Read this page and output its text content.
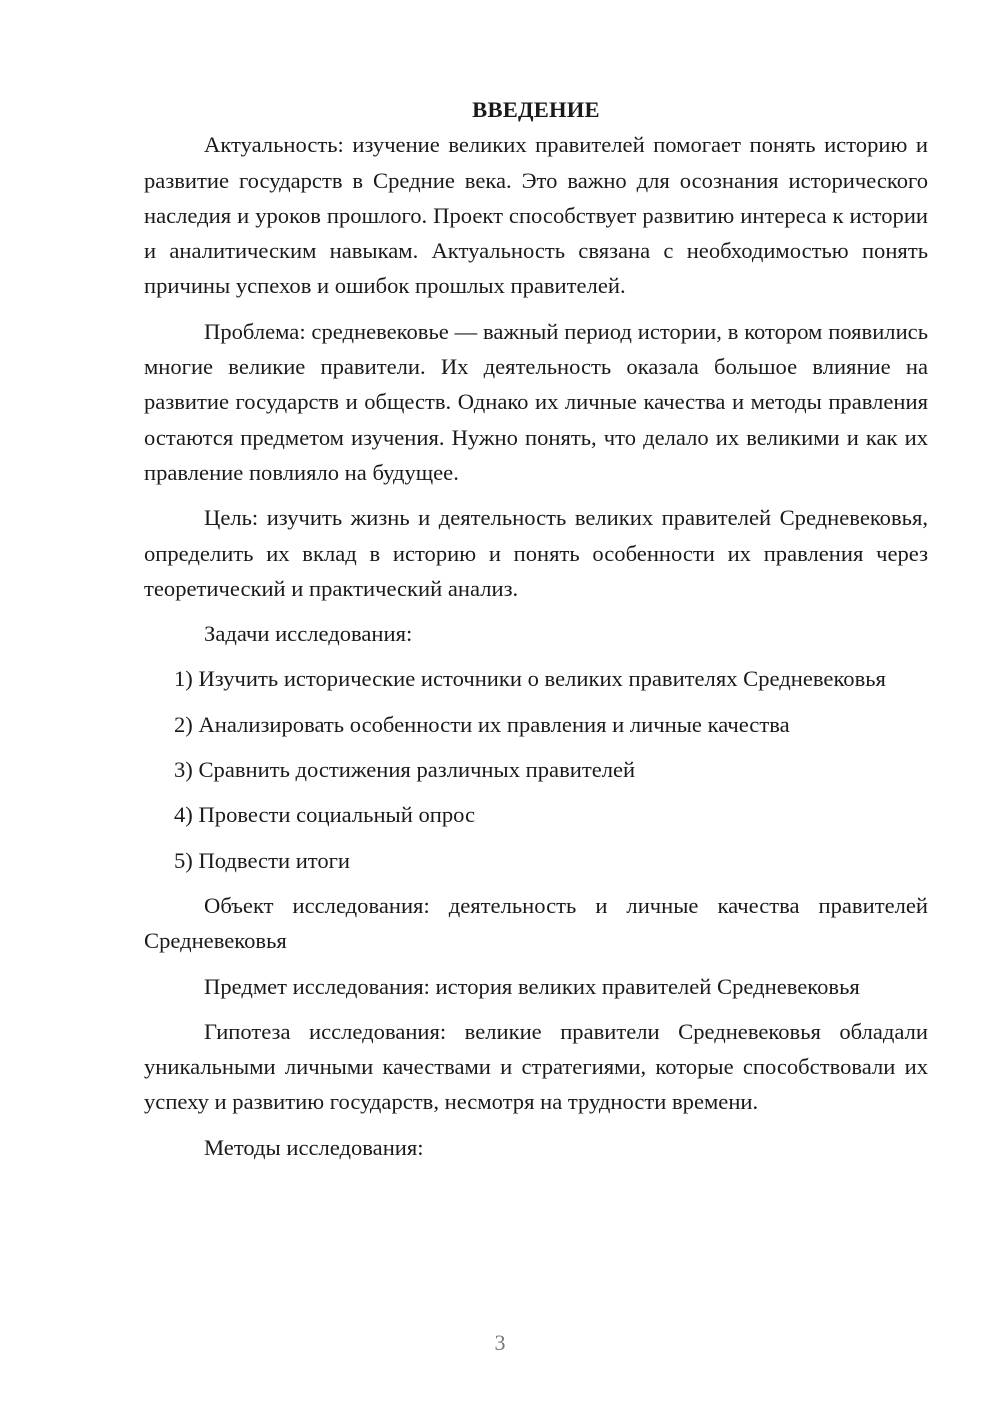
ВВЕДЕНИЕ

Актуальность: изучение великих правителей помогает понять историю и развитие государств в Средние века. Это важно для осознания исторического наследия и уроков прошлого. Проект способствует развитию интереса к истории и аналитическим навыкам. Актуальность связана с необходимостью понять причины успехов и ошибок прошлых правителей.

Проблема: средневековье — важный период истории, в котором появились многие великие правители. Их деятельность оказала большое влияние на развитие государств и обществ. Однако их личные качества и методы правления остаются предметом изучения. Нужно понять, что делало их великими и как их правление повлияло на будущее.

Цель: изучить жизнь и деятельность великих правителей Средневековья, определить их вклад в историю и понять особенности их правления через теоретический и практический анализ.

Задачи исследования:

1) Изучить исторические источники о великих правителях Средневековья

2) Анализировать особенности их правления и личные качества

3) Сравнить достижения различных правителей

4) Провести социальный опрос

5) Подвести итоги

Объект исследования: деятельность и личные качества правителей Средневековья

Предмет исследования: история великих правителей Средневековья

Гипотеза исследования: великие правители Средневековья обладали уникальными личными качествами и стратегиями, которые способствовали их успеху и развитию государств, несмотря на трудности времени.

Методы исследования:

3
